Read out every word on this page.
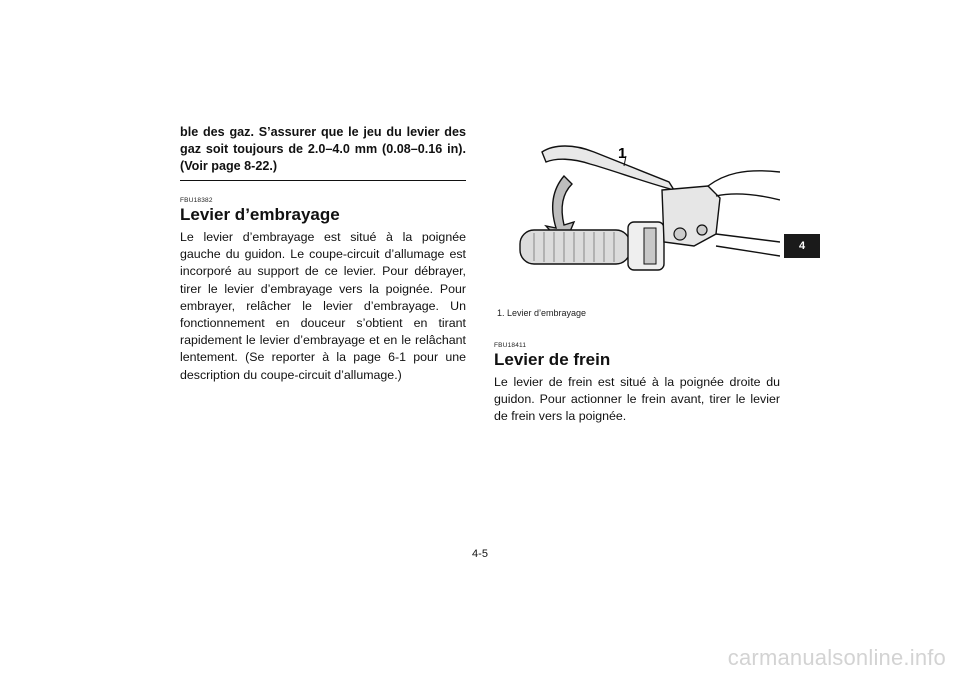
ble des gaz. S’assurer que le jeu du levier des gaz soit toujours de 2.0–4.0 mm (0.08–0.16 in). (Voir page 8-22.)
FBU18382
Levier d’embrayage

Le levier d’embrayage est situé à la poignée gauche du guidon. Le coupe-circuit d’allumage est incorporé au support de ce levier. Pour débrayer, tirer le levier d’embrayage vers la poignée. Pour embrayer, relâcher le levier d’embrayage. Un fonctionnement en douceur s’obtient en tirant rapidement le levier d’embrayage et en le relâchant lentement. (Se reporter à la page 6-1 pour une description du coupe-circuit d’allumage.)

1
1. Levier d’embrayage
FBU18411
Levier de frein

Le levier de frein est situé à la poignée droite du guidon. Pour actionner le frein avant, tirer le levier de frein vers la poignée.

4
4-5
carmanualsonline.info
